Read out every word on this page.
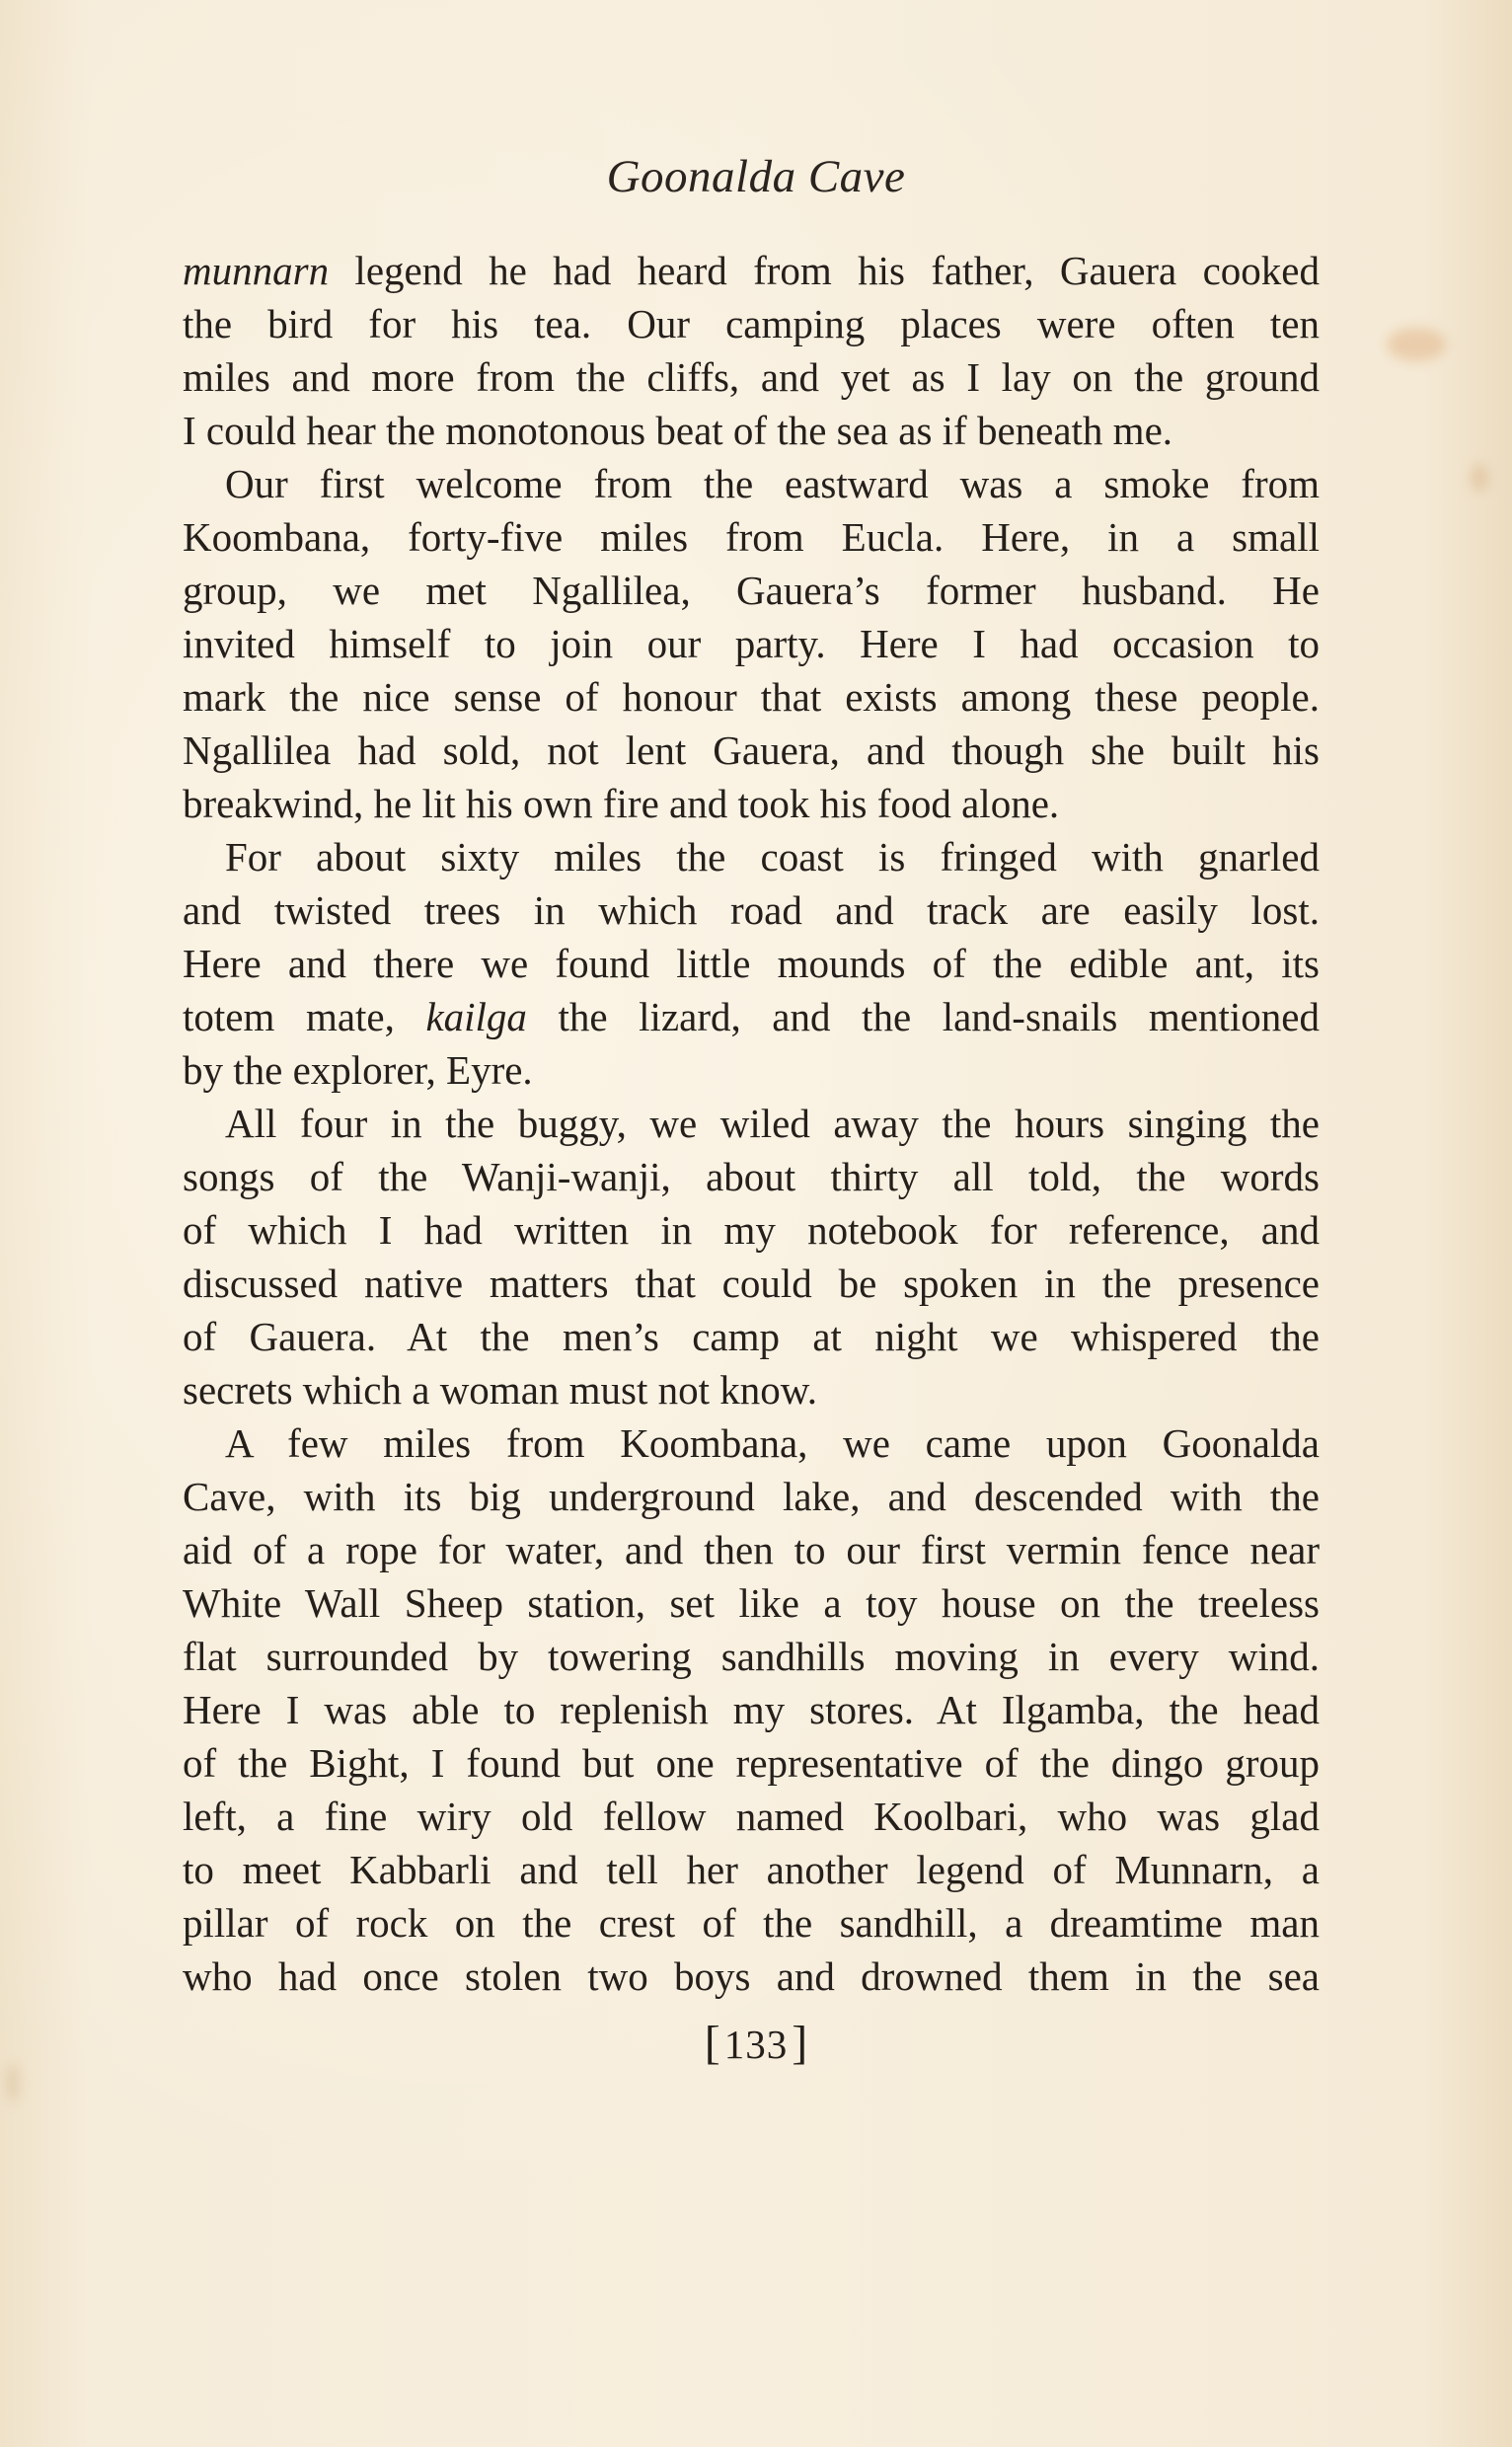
Goonalda Cave
munnarn legend he had heard from his father, Gauera cooked
the bird for his tea. Our camping places were often ten
miles and more from the cliffs, and yet as I lay on the ground
I could hear the monotonous beat of the sea as if beneath me.
Our first welcome from the eastward was a smoke from
Koombana, forty-five miles from Eucla. Here, in a small
group, we met Ngallilea, Gauera’s former husband. He
invited himself to join our party. Here I had occasion to
mark the nice sense of honour that exists among these people.
Ngallilea had sold, not lent Gauera, and though she built his
breakwind, he lit his own fire and took his food alone.
For about sixty miles the coast is fringed with gnarled
and twisted trees in which road and track are easily lost.
Here and there we found little mounds of the edible ant, its
totem mate, kailga the lizard, and the land-snails mentioned
by the explorer, Eyre.
All four in the buggy, we wiled away the hours singing the
songs of the Wanji-wanji, about thirty all told, the words
of which I had written in my notebook for reference, and
discussed native matters that could be spoken in the presence
of Gauera. At the men’s camp at night we whispered the
secrets which a woman must not know.
A few miles from Koombana, we came upon Goonalda
Cave, with its big underground lake, and descended with the
aid of a rope for water, and then to our first vermin fence near
White Wall Sheep station, set like a toy house on the treeless
flat surrounded by towering sandhills moving in every wind.
Here I was able to replenish my stores. At Ilgamba, the head
of the Bight, I found but one representative of the dingo group
left, a fine wiry old fellow named Koolbari, who was glad
to meet Kabbarli and tell her another legend of Munnarn, a
pillar of rock on the crest of the sandhill, a dreamtime man
who had once stolen two boys and drowned them in the sea
[133]
